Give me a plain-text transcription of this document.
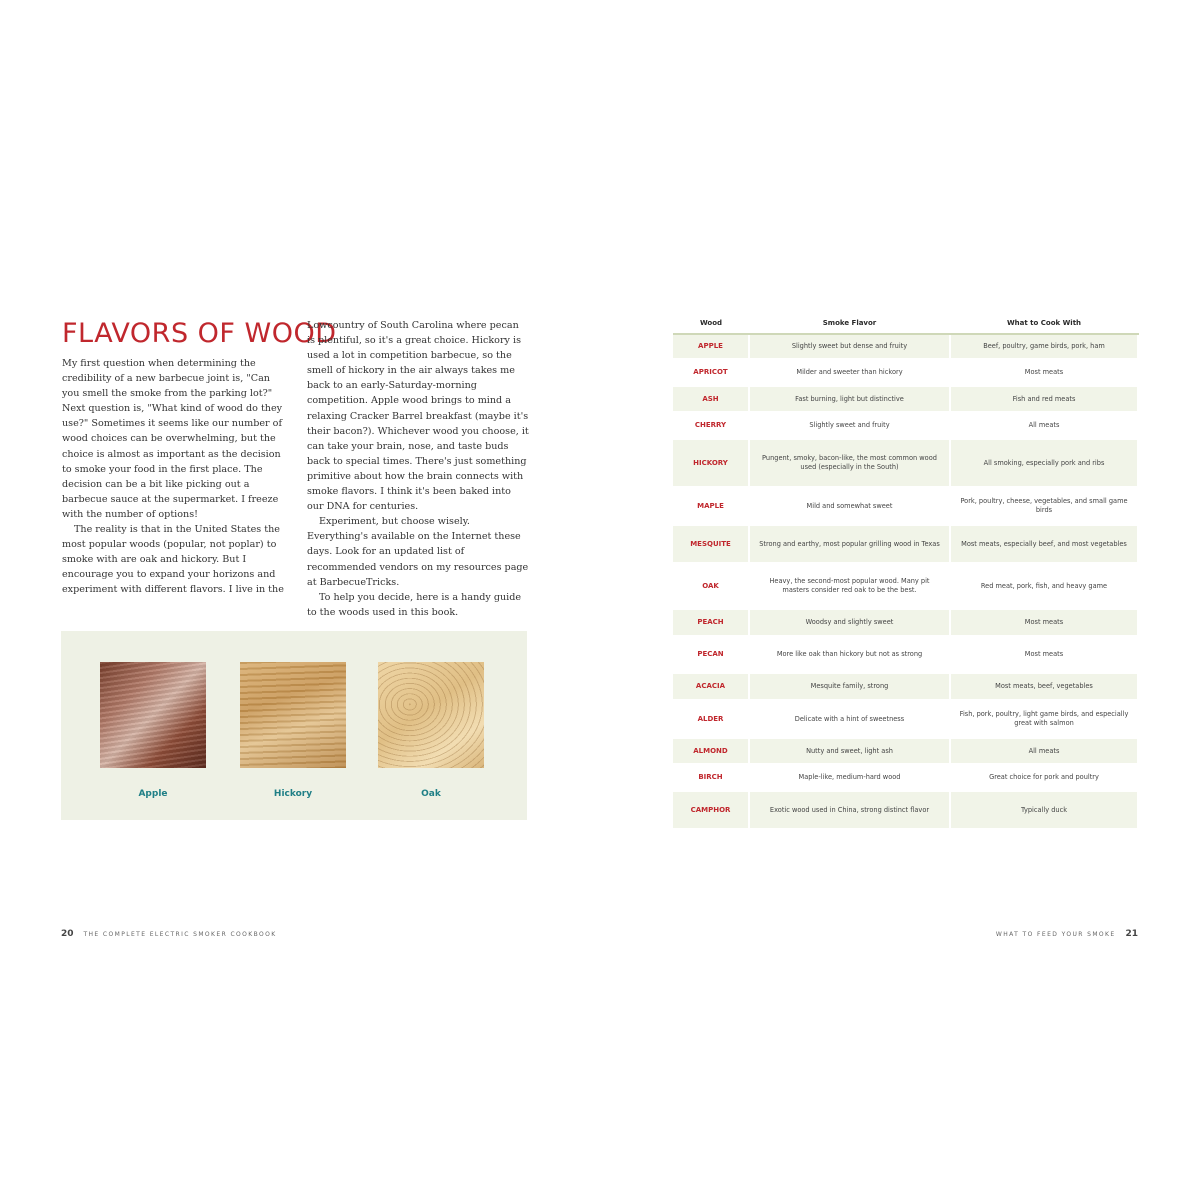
FLAVORS OF WOOD

My first question when determining the credibility of a new barbecue joint is, "Can you smell the smoke from the parking lot?" Next question is, "What kind of wood do they use?" Sometimes it seems like our number of wood choices can be overwhelming, but the choice is almost as important as the decision to smoke your food in the first place. The decision can be a bit like picking out a barbecue sauce at the supermarket. I freeze with the number of options!

The reality is that in the United States the most popular woods (popular, not poplar) to smoke with are oak and hickory. But I encourage you to expand your horizons and experiment with different flavors. I live in the

Lowcountry of South Carolina where pecan is plentiful, so it's a great choice. Hickory is used a lot in competition barbecue, so the smell of hickory in the air always takes me back to an early-Saturday-morning competition. Apple wood brings to mind a relaxing Cracker Barrel breakfast (maybe it's their bacon?). Whichever wood you choose, it can take your brain, nose, and taste buds back to special times. There's just something primitive about how the brain connects with smoke flavors. I think it's been baked into our DNA for centuries.

Experiment, but choose wisely. Everything's available on the Internet these days. Look for an updated list of recommended vendors on my resources page at BarbecueTricks.

To help you decide, here is a handy guide to the woods used in this book.

Apple	Hickory	Oak
20 THE COMPLETE ELECTRIC SMOKER COOKBOOK
Wood	Smoke Flavor	What to Cook With
APPLE	Slightly sweet but dense and fruity	Beef, poultry, game birds, pork, ham
APRICOT	Milder and sweeter than hickory	Most meats
ASH	Fast burning, light but distinctive	Fish and red meats
CHERRY	Slightly sweet and fruity	All meats
HICKORY	Pungent, smoky, bacon-like, the most common wood used (especially in the South)	All smoking, especially pork and ribs
MAPLE	Mild and somewhat sweet	Pork, poultry, cheese, vegetables, and small game birds
MESQUITE	Strong and earthy, most popular grilling wood in Texas	Most meats, especially beef, and most vegetables
OAK	Heavy, the second-most popular wood. Many pit masters consider red oak to be the best.	Red meat, pork, fish, and heavy game
PEACH	Woodsy and slightly sweet	Most meats
PECAN	More like oak than hickory but not as strong	Most meats
ACACIA	Mesquite family, strong	Most meats, beef, vegetables
ALDER	Delicate with a hint of sweetness	Fish, pork, poultry, light game birds, and especially great with salmon
ALMOND	Nutty and sweet, light ash	All meats
BIRCH	Maple-like, medium-hard wood	Great choice for pork and poultry
CAMPHOR	Exotic wood used in China, strong distinct flavor	Typically duck
WHAT TO FEED YOUR SMOKE 21
